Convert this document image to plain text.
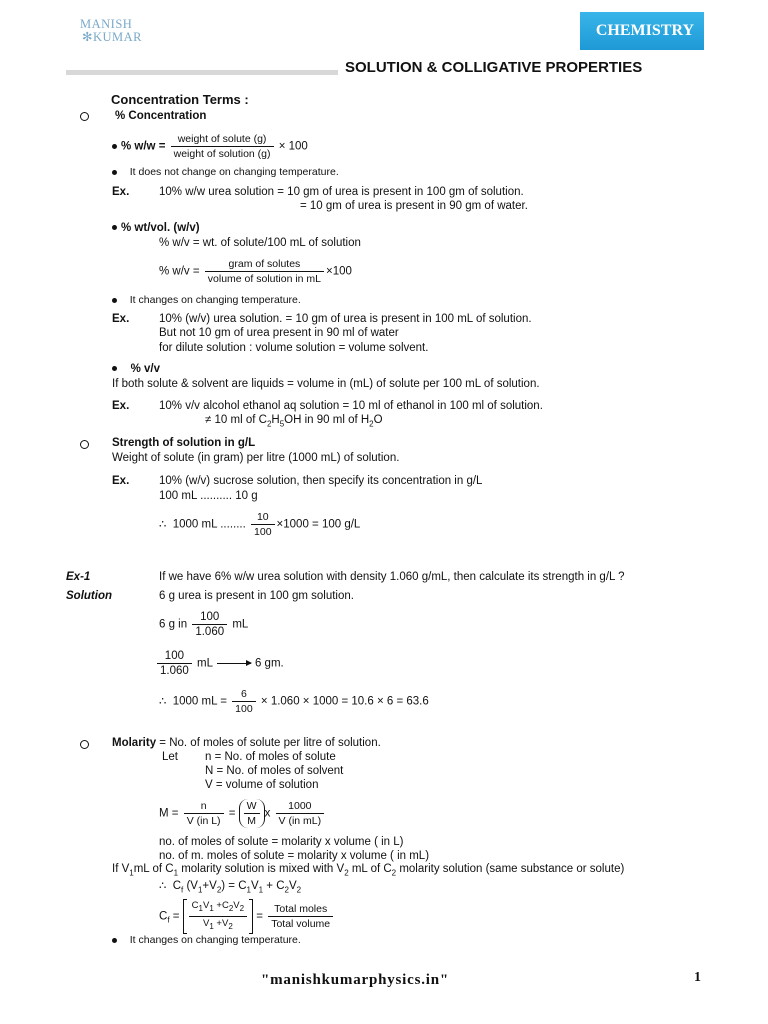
MANISH
✻KUMAR	CHEMISTRY
SOLUTION & COLLIGATIVE PROPERTIES
Concentration Terms :
% Concentration
% $w/w = \frac{\text{weight of solute (g)}}{\text{weight of solution (g)}} \times 100$
It does not change on changing temperature.
Ex.	10% w/w urea solution = 10 gm of urea is present in 100 gm of solution.
= 10 gm of urea is present in 90 gm of water.
% wt/vol. (w/v)
% w/v = wt. of solute/100 mL of solution
% $w/v = \frac{\text{gram of solutes}}{\text{volume of solution in mL}} \times 100$
It changes on changing temperature.
Ex.	10% (w/v) urea solution. = 10 gm of urea is present in 100 mL of solution.
But not 10 gm of urea present in 90 ml of water
for dilute solution : volume solution = volume solvent.
% v/v
If both solute & solvent are liquids = volume in (mL) of solute per 100 mL of solution.
Ex.	10% v/v alcohol ethanol aq solution = 10 ml of ethanol in 100 ml of solution.
≠ 10 ml of $C_2H_5OH$ in 90 ml of $H_2O$
Strength of solution in g/L
Weight of solute (in gram) per litre (1000 mL) of solution.
Ex.	10% (w/v) sucrose solution, then specify its concentration in g/L
100 mL .......... 10 g
∴ 1000 mL ........ $\frac{10}{100} \times 1000 = 100$ g/L
Ex-1	If we have 6% w/w urea solution with density 1.060 g/mL, then calculate its strength in g/L ?
Solution	6 g urea is present in 100 gm solution.
6 g in $\frac{100}{1.060}$ mL
$\frac{100}{1.060}$ mL	6 gm.
∴ 1000 mL = $\frac{6}{100} \times 1.060 \times 1000 = 10.6 \times 6 = 63.6$
Molarity = No. of moles of solute per litre of solution.
Let n = No. of moles of solute
N = No. of moles of solvent
V = volume of solution
$M = \frac{n}{\text{V (in L)}} = \frac{W}{M}$ x $\frac{1000}{\text{V (in mL)}}$
no. of moles of solute = molarity x volume ( in L)
no. of m. moles of solute = molarity x volume ( in mL)
If $V_1mL$ of $C_1$ molarity solution is mixed with $V_2$ mL of $C_2$ molarity solution (same substance or solute)
∴  $C_f$ $(V_1+V_2) = C_1V_1 + C_2V_2$
$C_f = \frac{C_1V_1 +C_2V_2}{V_1 +V_2} = \frac{\text{Total moles}}{\text{Total volume}}$
It changes on changing temperature.
"manishkumarphysics.in"	1
